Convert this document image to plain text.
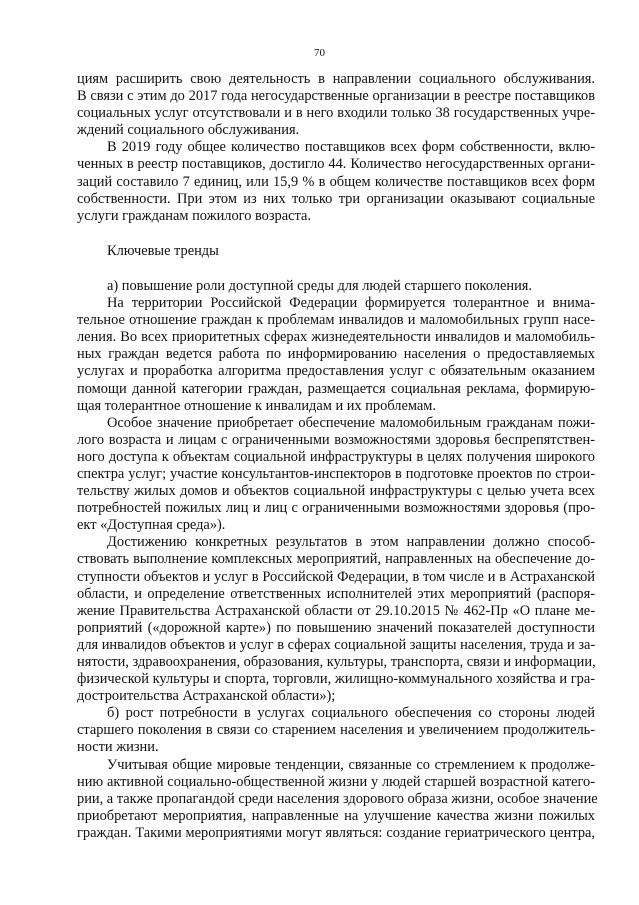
70
циям расширить свою деятельность в направлении социального обслуживания.
В связи с этим до 2017 года негосударственные организации в реестре поставщиков
социальных услуг отсутствовали и в него входили только 38 государственных учре-
ждений социального обслуживания.
В 2019 году общее количество поставщиков всех форм собственности, вклю-
ченных в реестр поставщиков, достигло 44. Количество негосударственных органи-
заций составило 7 единиц, или 15,9 % в общем количестве поставщиков всех форм
собственности. При этом из них только три организации оказывают социальные
услуги гражданам пожилого возраста.
Ключевые тренды
а) повышение роли доступной среды для людей старшего поколения.
На территории Российской Федерации формируется толерантное и внима-
тельное отношение граждан к проблемам инвалидов и маломобильных групп насе-
ления. Во всех приоритетных сферах жизнедеятельности инвалидов и маломобиль-
ных граждан ведется работа по информированию населения о предоставляемых
услугах и проработка алгоритма предоставления услуг с обязательным оказанием
помощи данной категории граждан, размещается социальная реклама, формирую-
щая толерантное отношение к инвалидам и их проблемам.
Особое значение приобретает обеспечение маломобильным гражданам пожи-
лого возраста и лицам с ограниченными возможностями здоровья беспрепятствен-
ного доступа к объектам социальной инфраструктуры в целях получения широкого
спектра услуг; участие консультантов-инспекторов в подготовке проектов по строи-
тельству жилых домов и объектов социальной инфраструктуры с целью учета всех
потребностей пожилых лиц и лиц с ограниченными возможностями здоровья (про-
ект «Доступная среда»).
Достижению конкретных результатов в этом направлении должно способ-
ствовать выполнение комплексных мероприятий, направленных на обеспечение до-
ступности объектов и услуг в Российской Федерации, в том числе и в Астраханской
области, и определение ответственных исполнителей этих мероприятий (распоря-
жение Правительства Астраханской области от 29.10.2015 № 462-Пр «О плане ме-
роприятий («дорожной карте») по повышению значений показателей доступности
для инвалидов объектов и услуг в сферах социальной защиты населения, труда и за-
нятости, здравоохранения, образования, культуры, транспорта, связи и информации,
физической культуры и спорта, торговли, жилищно-коммунального хозяйства и гра-
достроительства Астраханской области»);
б) рост потребности в услугах социального обеспечения со стороны людей
старшего поколения в связи со старением населения и увеличением продолжитель-
ности жизни.
Учитывая общие мировые тенденции, связанные со стремлением к продолже-
нию активной социально-общественной жизни у людей старшей возрастной катего-
рии, а также пропагандой среди населения здорового образа жизни, особое значение
приобретают мероприятия, направленные на улучшение качества жизни пожилых
граждан. Такими мероприятиями могут являться: создание гериатрического центра,
